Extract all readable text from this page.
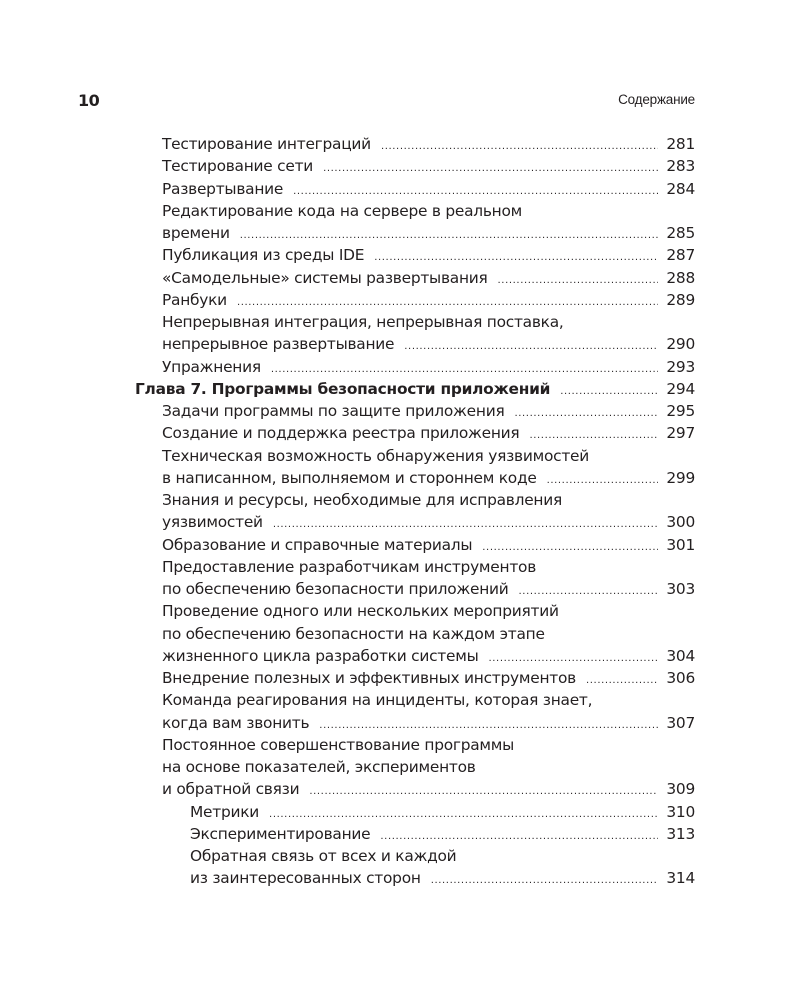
10	Содержание
Тестирование интеграций .....	281
Тестирование сети .....	283
Развертывание .....	284
Редактирование кода на сервере в реальном
времени .....	285
Публикация из среды IDE .....	287
«Самодельные» системы развертывания .....	288
Ранбуки .....	289
Непрерывная интеграция, непрерывная поставка,
непрерывное развертывание .....	290
Упражнения .....	293
Глава 7. Программы безопасности приложений .....	294
Задачи программы по защите приложения .....	295
Создание и поддержка реестра приложения .....	297
Техническая возможность обнаружения уязвимостей
в написанном, выполняемом и стороннем коде .....	299
Знания и ресурсы, необходимые для исправления
уязвимостей .....	300
Образование и справочные материалы .....	301
Предоставление разработчикам инструментов
по обеспечению безопасности приложений .....	303
Проведение одного или нескольких мероприятий
по обеспечению безопасности на каждом этапе
жизненного цикла разработки системы .....	304
Внедрение полезных и эффективных инструментов .....	306
Команда реагирования на инциденты, которая знает,
когда вам звонить .....	307
Постоянное совершенствование программы
на основе показателей, экспериментов
и обратной связи .....	309
Метрики .....	310
Экспериментирование .....	313
Обратная связь от всех и каждой
из заинтересованных сторон .....	314
